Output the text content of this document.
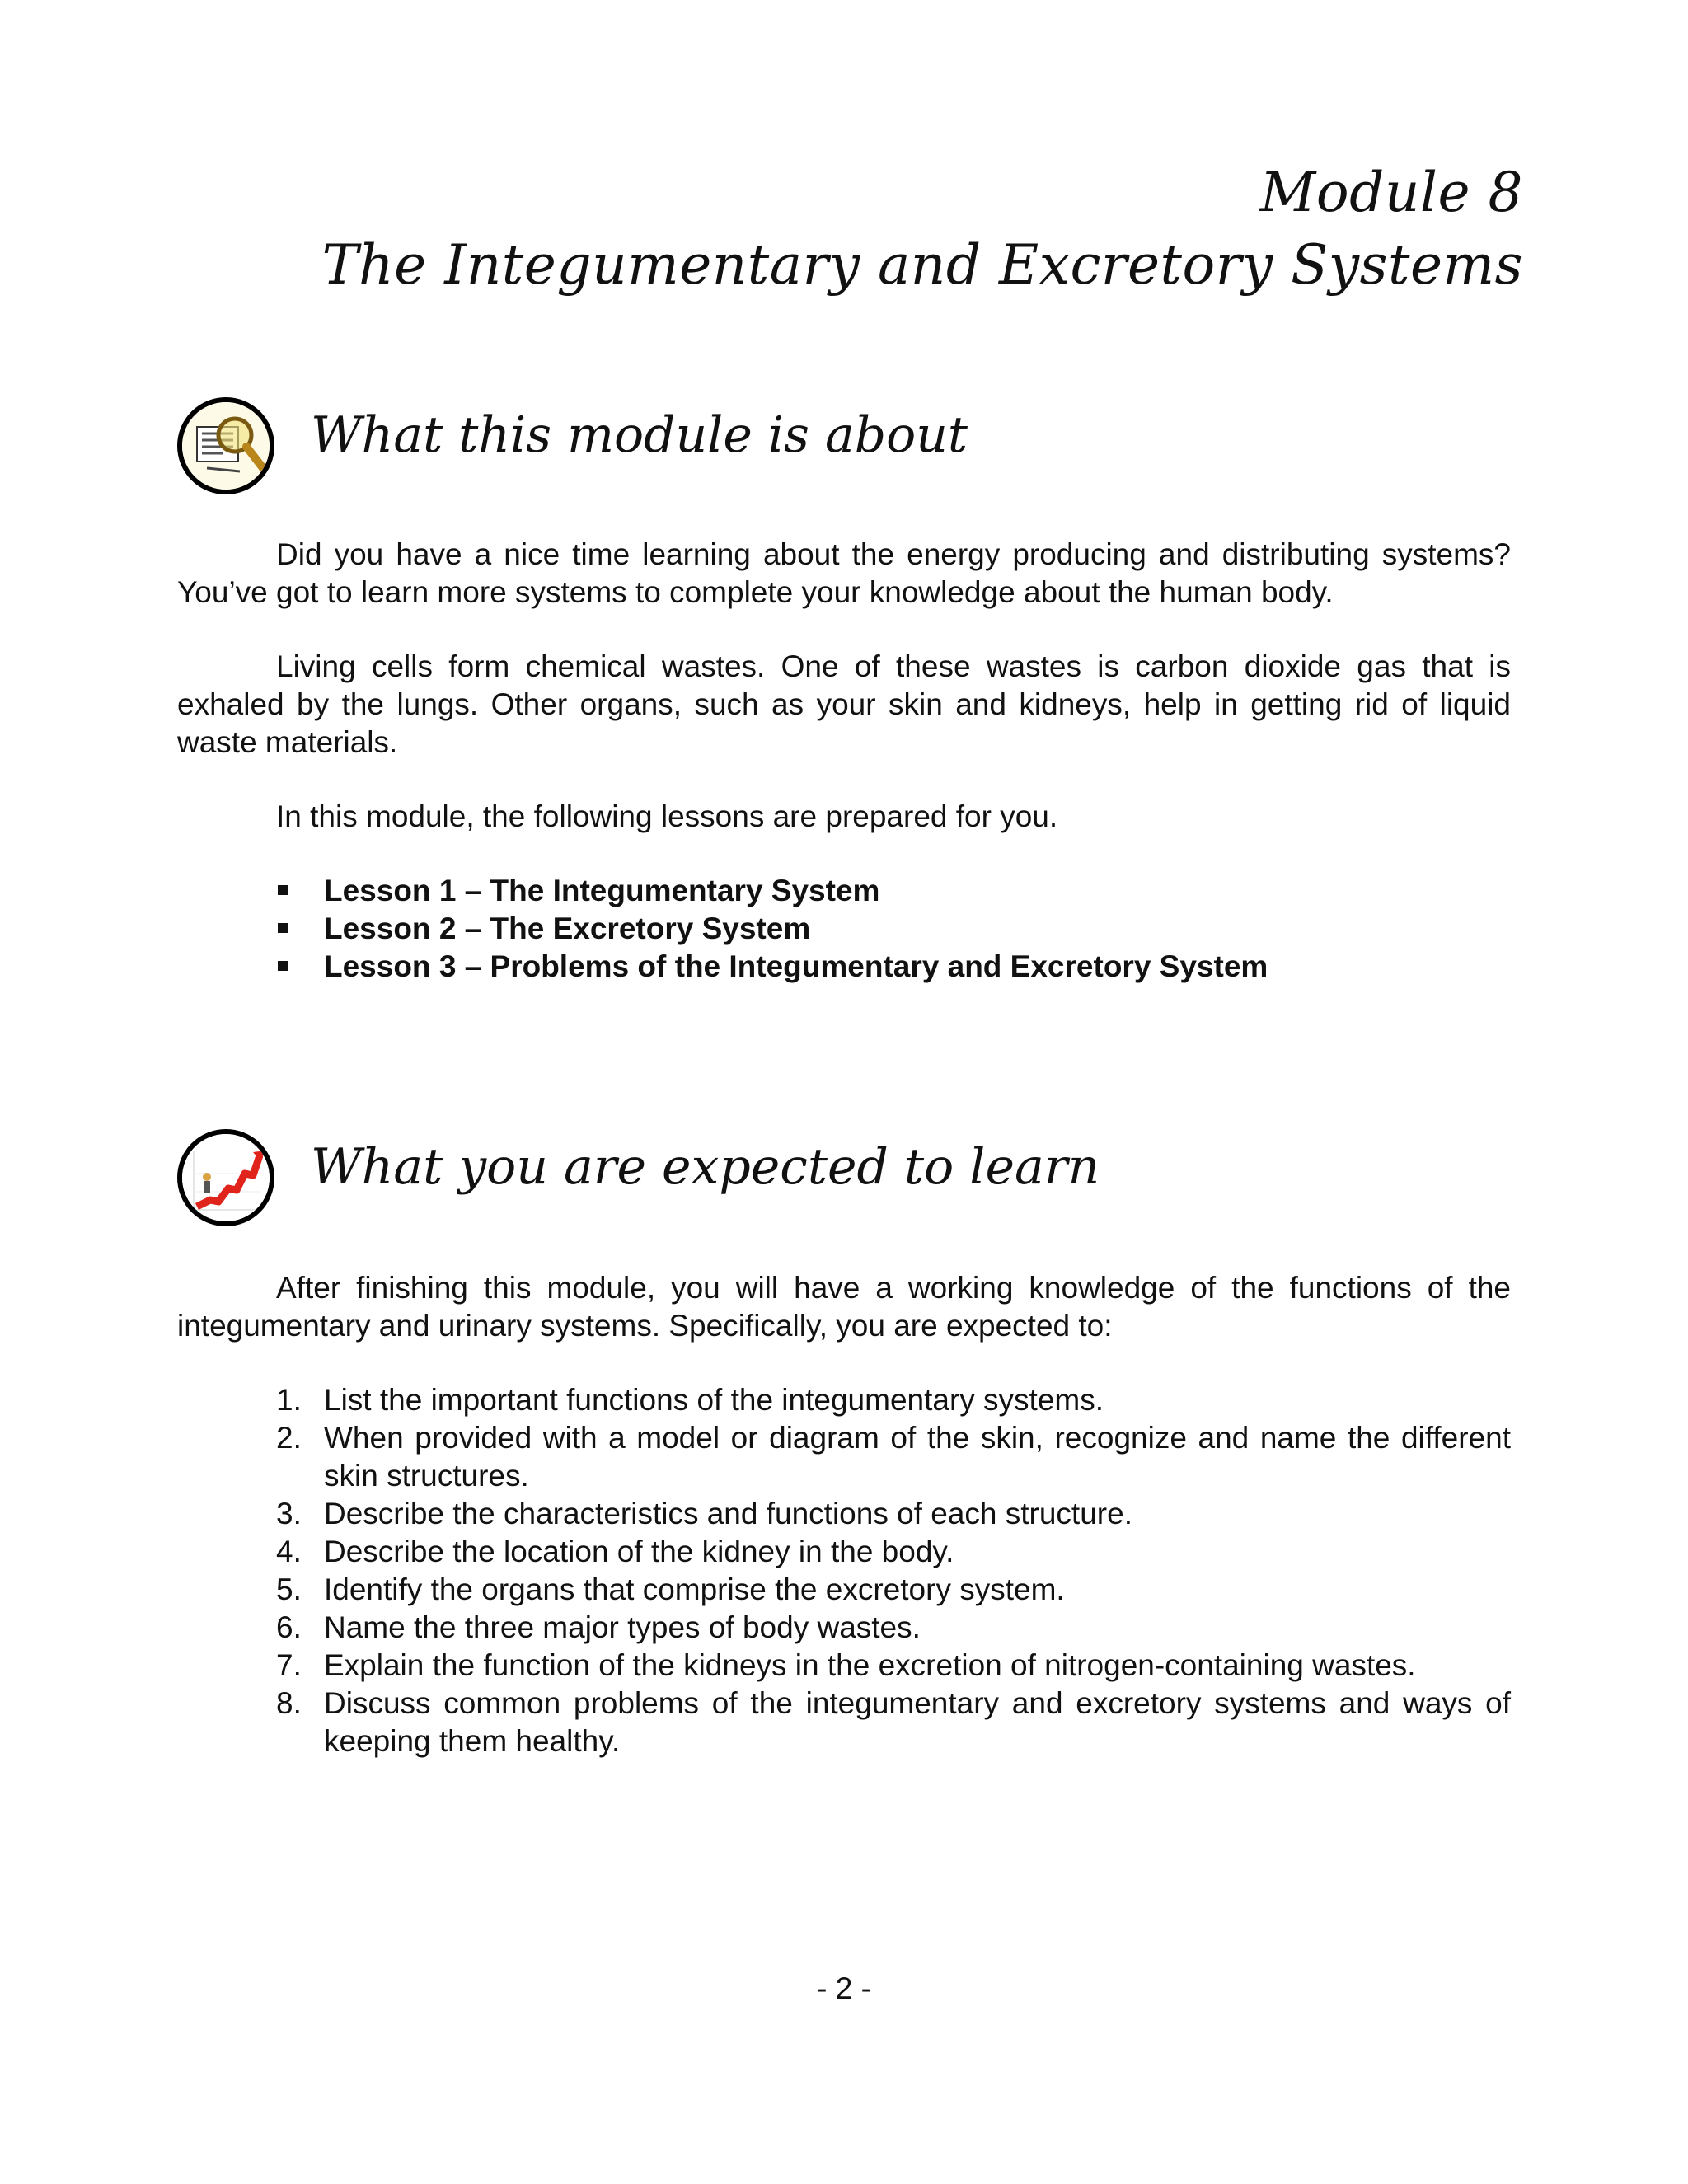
Module 8
The Integumentary and Excretory Systems
What this module is about

Did you have a nice time learning about the energy producing and distributing systems? You’ve got to learn more systems to complete your knowledge about the human body.

Living cells form chemical wastes. One of these wastes is carbon dioxide gas that is exhaled by the lungs. Other organs, such as your skin and kidneys, help in getting rid of liquid waste materials.

In this module, the following lessons are prepared for you.

Lesson 1 – The Integumentary System
Lesson 2 – The Excretory System
Lesson 3 – Problems of the Integumentary and Excretory System
What you are expected to learn

After finishing this module, you will have a working knowledge of the functions of the integumentary and urinary systems. Specifically, you are expected to:

1. List the important functions of the integumentary systems.
2. When provided with a model or diagram of the skin, recognize and name the different skin structures.
3. Describe the characteristics and functions of each structure.
4. Describe the location of the kidney in the body.
5. Identify the organs that comprise the excretory system.
6. Name the three major types of body wastes.
7. Explain the function of the kidneys in the excretion of nitrogen-containing wastes.
8. Discuss common problems of the integumentary and excretory systems and ways of keeping them healthy.
- 2 -
